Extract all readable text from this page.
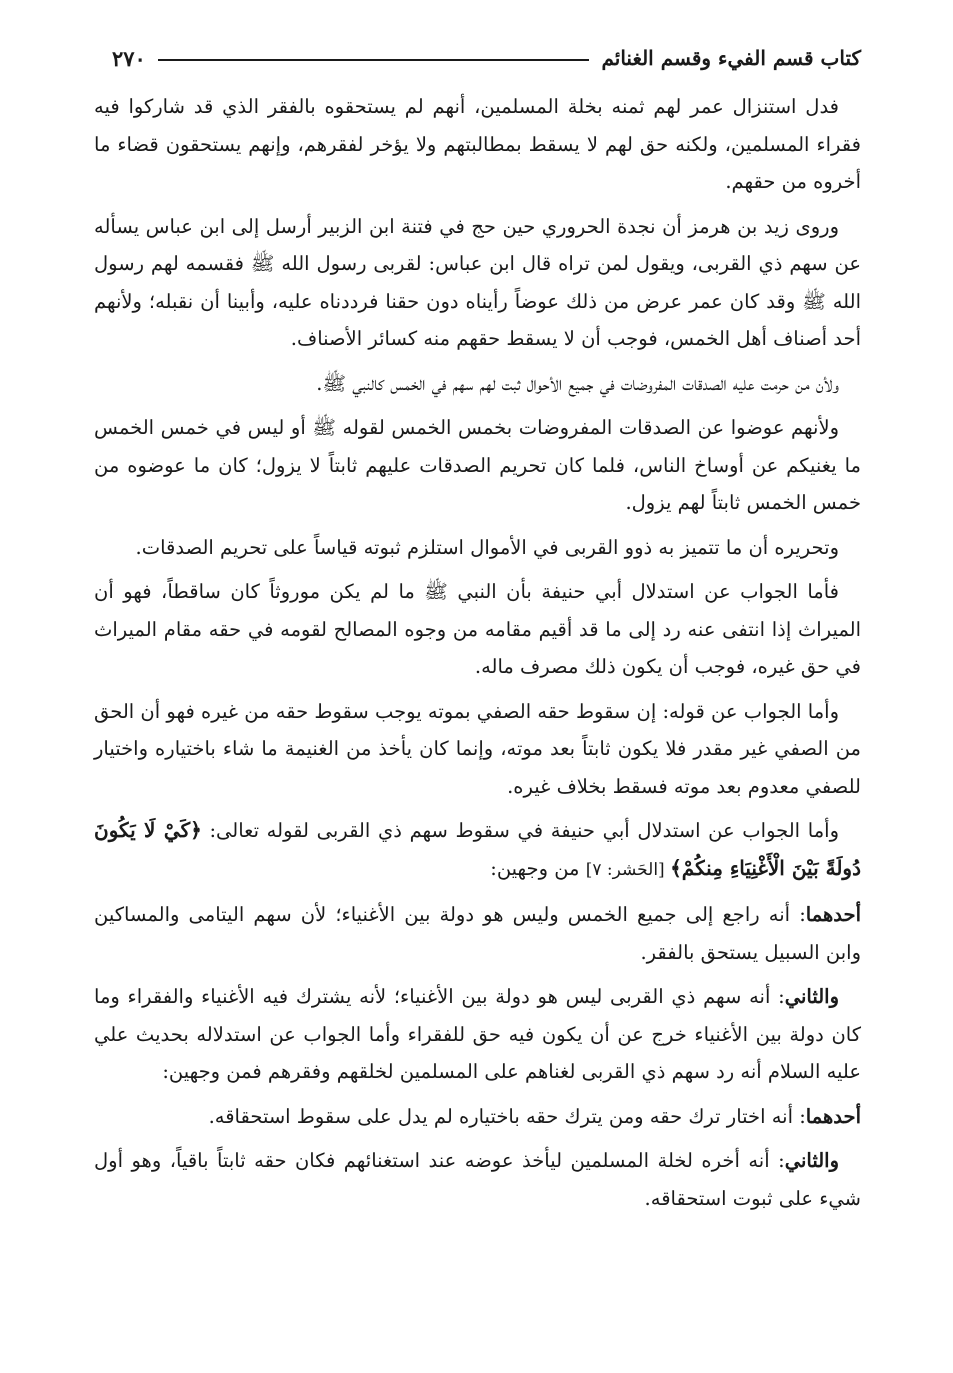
كتاب قسم الفيء وقسم الغنائم
٢٧٠

فدل استنزال عمر لهم ثمنه بخلة المسلمين، أنهم لم يستحقوه بالفقر الذي قد شاركوا فيه فقراء المسلمين، ولكنه حق لهم لا يسقط بمطالبتهم ولا يؤخر لفقرهم، وإنهم يستحقون قضاء ما أخروه من حقهم.

وروى زيد بن هرمز أن نجدة الحروري حين حج في فتنة ابن الزبير أرسل إلى ابن عباس يسأله عن سهم ذي القربى، ويقول لمن تراه قال ابن عباس: لقربى رسول الله ﷺ فقسمه لهم رسول الله ﷺ وقد كان عمر عرض من ذلك عوضاً رأيناه دون حقنا فرددناه عليه، وأبينا أن نقبله؛ ولأنهم أحد أصناف أهل الخمس، فوجب أن لا يسقط حقهم منه كسائر الأصناف.

ولأن من حرمت عليه الصدقات المفروضات في جميع الأحوال ثبت لهم سهم في الخمس كالنبي ﷺ.

ولأنهم عوضوا عن الصدقات المفروضات بخمس الخمس لقوله ﷺ أو ليس في خمس الخمس ما يغنيكم عن أوساخ الناس، فلما كان تحريم الصدقات عليهم ثابتاً لا يزول؛ كان ما عوضوه من خمس الخمس ثابتاً لهم يزول.

وتحريره أن ما تتميز به ذوو القربى في الأموال استلزم ثبوته قياساً على تحريم الصدقات.

فأما الجواب عن استدلال أبي حنيفة بأن النبي ﷺ ما لم يكن موروثاً كان ساقطاً، فهو أن الميراث إذا انتفى عنه رد إلى ما قد أقيم مقامه من وجوه المصالح لقومه في حقه مقام الميراث في حق غيره، فوجب أن يكون ذلك مصرف ماله.

وأما الجواب عن قوله: إن سقوط حقه الصفي بموته يوجب سقوط حقه من غيره فهو أن الحق من الصفي غير مقدر فلا يكون ثابتاً بعد موته، وإنما كان يأخذ من الغنيمة ما شاء باختياره واختيار للصفي معدوم بعد موته فسقط بخلاف غيره.

وأما الجواب عن استدلال أبي حنيفة في سقوط سهم ذي القربى لقوله تعالى: ﴿كَيْ لَا يَكُونَ دُولَةً بَيْنَ الْأَغْنِيَاءِ مِنكُمْ﴾ [الحَشر: ٧] من وجهين:

أحدهما: أنه راجع إلى جميع الخمس وليس هو دولة بين الأغنياء؛ لأن سهم اليتامى والمساكين وابن السبيل يستحق بالفقر.

والثاني: أنه سهم ذي القربى ليس هو دولة بين الأغنياء؛ لأنه يشترك فيه الأغنياء والفقراء وما كان دولة بين الأغنياء خرج عن أن يكون فيه حق للفقراء وأما الجواب عن استدلاله بحديث علي عليه السلام أنه رد سهم ذي القربى لغناهم على المسلمين لخلقهم وفقرهم فمن وجهين:

أحدهما: أنه اختار ترك حقه ومن يترك حقه باختياره لم يدل على سقوط استحقاقه.

والثاني: أنه أخره لخلة المسلمين ليأخذ عوضه عند استغنائهم فكان حقه ثابتاً باقياً، وهو أول شيء على ثبوت استحقاقه.
